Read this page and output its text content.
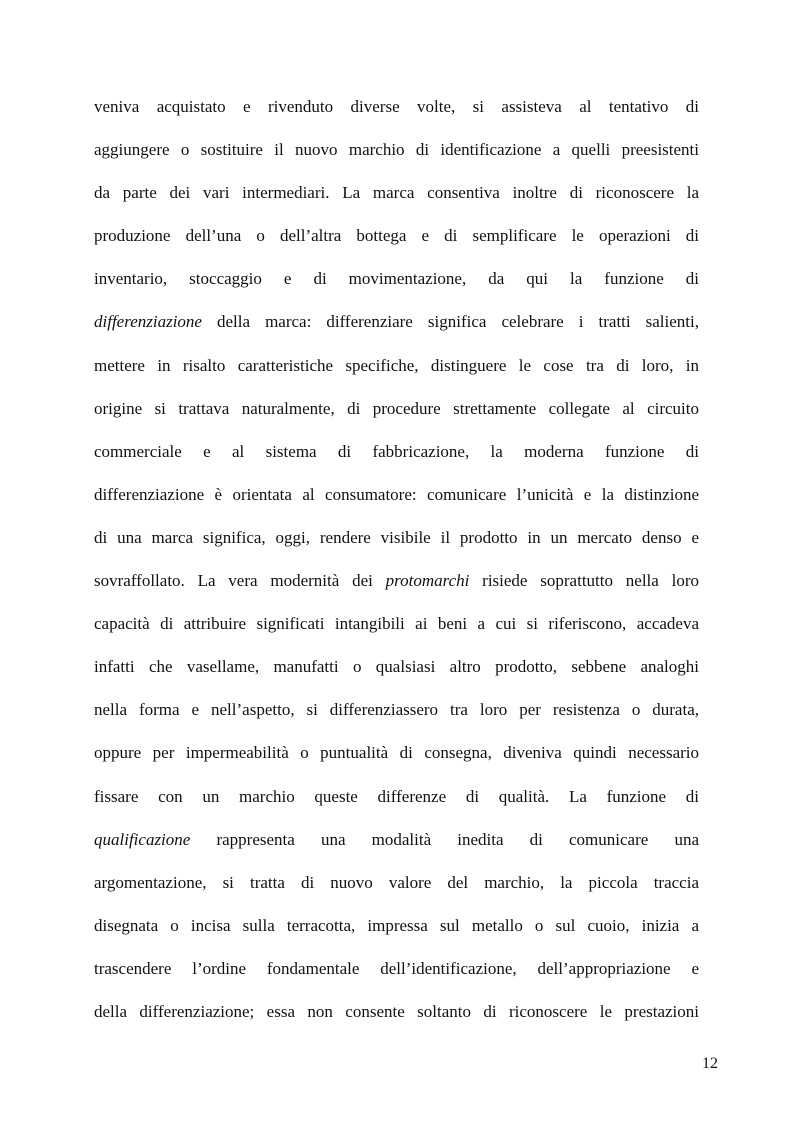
veniva acquistato e rivenduto diverse volte, si assisteva al tentativo di
aggiungere o sostituire il nuovo marchio di identificazione a quelli preesistenti
da parte dei vari intermediari. La marca consentiva inoltre di riconoscere la
produzione dell’una o dell’altra bottega e di semplificare le operazioni di
inventario, stoccaggio e di movimentazione, da qui la funzione di
differenziazione della marca: differenziare significa celebrare i tratti salienti,
mettere in risalto caratteristiche specifiche, distinguere le cose tra di loro, in
origine si trattava naturalmente, di procedure strettamente collegate al circuito
commerciale e al sistema di fabbricazione, la moderna funzione di
differenziazione è orientata al consumatore: comunicare l’unicità e la distinzione
di una marca significa, oggi, rendere visibile il prodotto in un mercato denso e
sovraffollato. La vera modernità dei protomarchi risiede soprattutto nella loro
capacità di attribuire significati intangibili ai beni a cui si riferiscono, accadeva
infatti che vasellame, manufatti o qualsiasi altro prodotto, sebbene analoghi
nella forma e nell’aspetto, si differenziassero tra loro per resistenza o durata,
oppure per impermeabilità o puntualità di consegna, diveniva quindi necessario
fissare con un marchio queste differenze di qualità. La funzione di
qualificazione rappresenta una modalità inedita di comunicare una
argomentazione, si tratta di nuovo valore del marchio, la piccola traccia
disegnata o incisa sulla terracotta, impressa sul metallo o sul cuoio, inizia a
trascendere l’ordine fondamentale dell’identificazione, dell’appropriazione e
della differenziazione; essa non consente soltanto di riconoscere le prestazioni
12
